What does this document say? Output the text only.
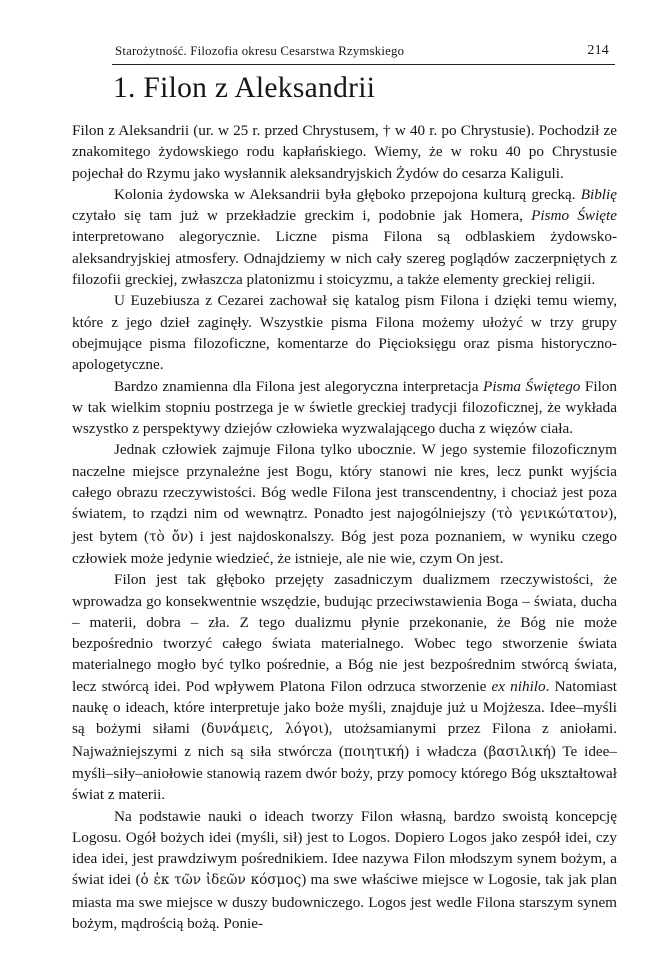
Starożytność. Filozofia okresu Cesarstwa Rzymskiego	214
1. Filon z Aleksandrii

Filon z Aleksandrii (ur. w 25 r. przed Chrystusem, † w 40 r. po Chrystusie). Pochodził ze znakomitego żydowskiego rodu kapłańskiego. Wiemy, że w roku 40 po Chrystusie pojechał do Rzymu jako wysłannik aleksandryjskich Żydów do cesarza Kaliguli.

Kolonia żydowska w Aleksandrii była głęboko przepojona kulturą grecką. Biblię czytało się tam już w przekładzie greckim i, podobnie jak Homera, Pismo Święte interpretowano alegorycznie. Liczne pisma Filona są odblaskiem żydowsko-aleksandryjskiej atmosfery. Odnajdziemy w nich cały szereg poglądów zaczerpniętych z filozofii greckiej, zwłaszcza platonizmu i stoicyzmu, a także elementy greckiej religii.

U Euzebiusza z Cezarei zachował się katalog pism Filona i dzięki temu wiemy, które z jego dzieł zaginęły. Wszystkie pisma Filona możemy ułożyć w trzy grupy obejmujące pisma filozoficzne, komentarze do Pięcioksięgu oraz pisma historyczno-apologetyczne.

Bardzo znamienna dla Filona jest alegoryczna interpretacja Pisma Świętego Filon w tak wielkim stopniu postrzega je w świetle greckiej tradycji filozoficznej, że wykłada wszystko z perspektywy dziejów człowieka wyzwalającego ducha z więzów ciała.

Jednak człowiek zajmuje Filona tylko ubocznie. W jego systemie filozoficznym naczelne miejsce przynależne jest Bogu, który stanowi nie kres, lecz punkt wyjścia całego obrazu rzeczywistości. Bóg wedle Filona jest transcendentny, i chociaż jest poza światem, to rządzi nim od wewnątrz. Ponadto jest najogólniejszy (τὸ γενικώτατον), jest bytem (τὸ ὄν) i jest najdoskonalszy. Bóg jest poza poznaniem, w wyniku czego człowiek może jedynie wiedzieć, że istnieje, ale nie wie, czym On jest.

Filon jest tak głęboko przejęty zasadniczym dualizmem rzeczywistości, że wprowadza go konsekwentnie wszędzie, budując przeciwstawienia Boga – świata, ducha – materii, dobra – zła. Z tego dualizmu płynie przekonanie, że Bóg nie może bezpośrednio tworzyć całego świata materialnego. Wobec tego stworzenie świata materialnego mogło być tylko pośrednie, a Bóg nie jest bezpośrednim stwórcą świata, lecz stwórcą idei. Pod wpływem Platona Filon odrzuca stworzenie ex nihilo. Natomiast naukę o ideach, które interpretuje jako boże myśli, znajduje już u Mojżesza. Idee–myśli są bożymi siłami (δυνάμεις, λόγοι), utożsamianymi przez Filona z aniołami. Najważniejszymi z nich są siła stwórcza (ποιητική) i władcza (βασιλική) Te idee–myśli–siły–aniołowie stanowią razem dwór boży, przy pomocy którego Bóg ukształtował świat z materii.

Na podstawie nauki o ideach tworzy Filon własną, bardzo swoistą koncepcję Logosu. Ogół bożych idei (myśli, sił) jest to Logos. Dopiero Logos jako zespół idei, czy idea idei, jest prawdziwym pośrednikiem. Idee nazywa Filon młodszym synem bożym, a świat idei (ὁ ἐκ τῶν ἰδεῶν κόσμος) ma swe właściwe miejsce w Logosie, tak jak plan miasta ma swe miejsce w duszy budowniczego. Logos jest wedle Filona starszym synem bożym, mądrością bożą. Ponie-
